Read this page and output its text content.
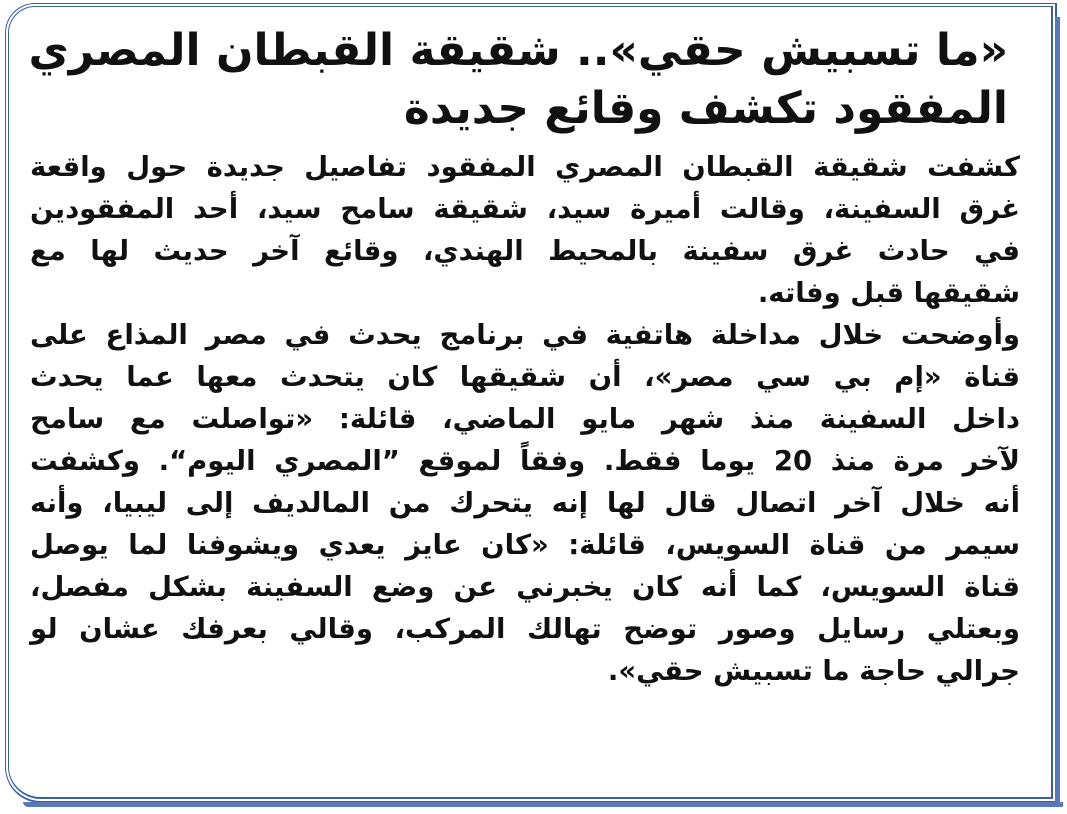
«ما تسبيش حقي».. شقيقة القبطان المصري
المفقود تكشف وقائع جديدة

كشفت شقيقة القبطان المصري المفقود تفاصيل جديدة حول واقعة
غرق السفينة، وقالت أميرة سيد، شقيقة سامح سيد، أحد المفقودين
في حادث غرق سفينة بالمحيط الهندي، وقائع آخر حديث لها مع
شقيقها قبل وفاته.

وأوضحت خلال مداخلة هاتفية في برنامج يحدث في مصر المذاع على
قناة «إم بي سي مصر»، أن شقيقها كان يتحدث معها عما يحدث
داخل السفينة منذ شهر مايو الماضي، قائلة: «تواصلت مع سامح
لآخر مرة منذ 20 يوما فقط. وفقاً لموقع ”المصري اليوم“. وكشفت
أنه خلال آخر اتصال قال لها إنه يتحرك من المالديف إلى ليبيا، وأنه
سيمر من قناة السويس، قائلة: «كان عايز يعدي ويشوفنا لما يوصل
قناة السويس، كما أنه كان يخبرني عن وضع السفينة بشكل مفصل،
وبعتلي رسايل وصور توضح تهالك المركب، وقالي بعرفك عشان لو
جرالي حاجة ما تسبيش حقي».
